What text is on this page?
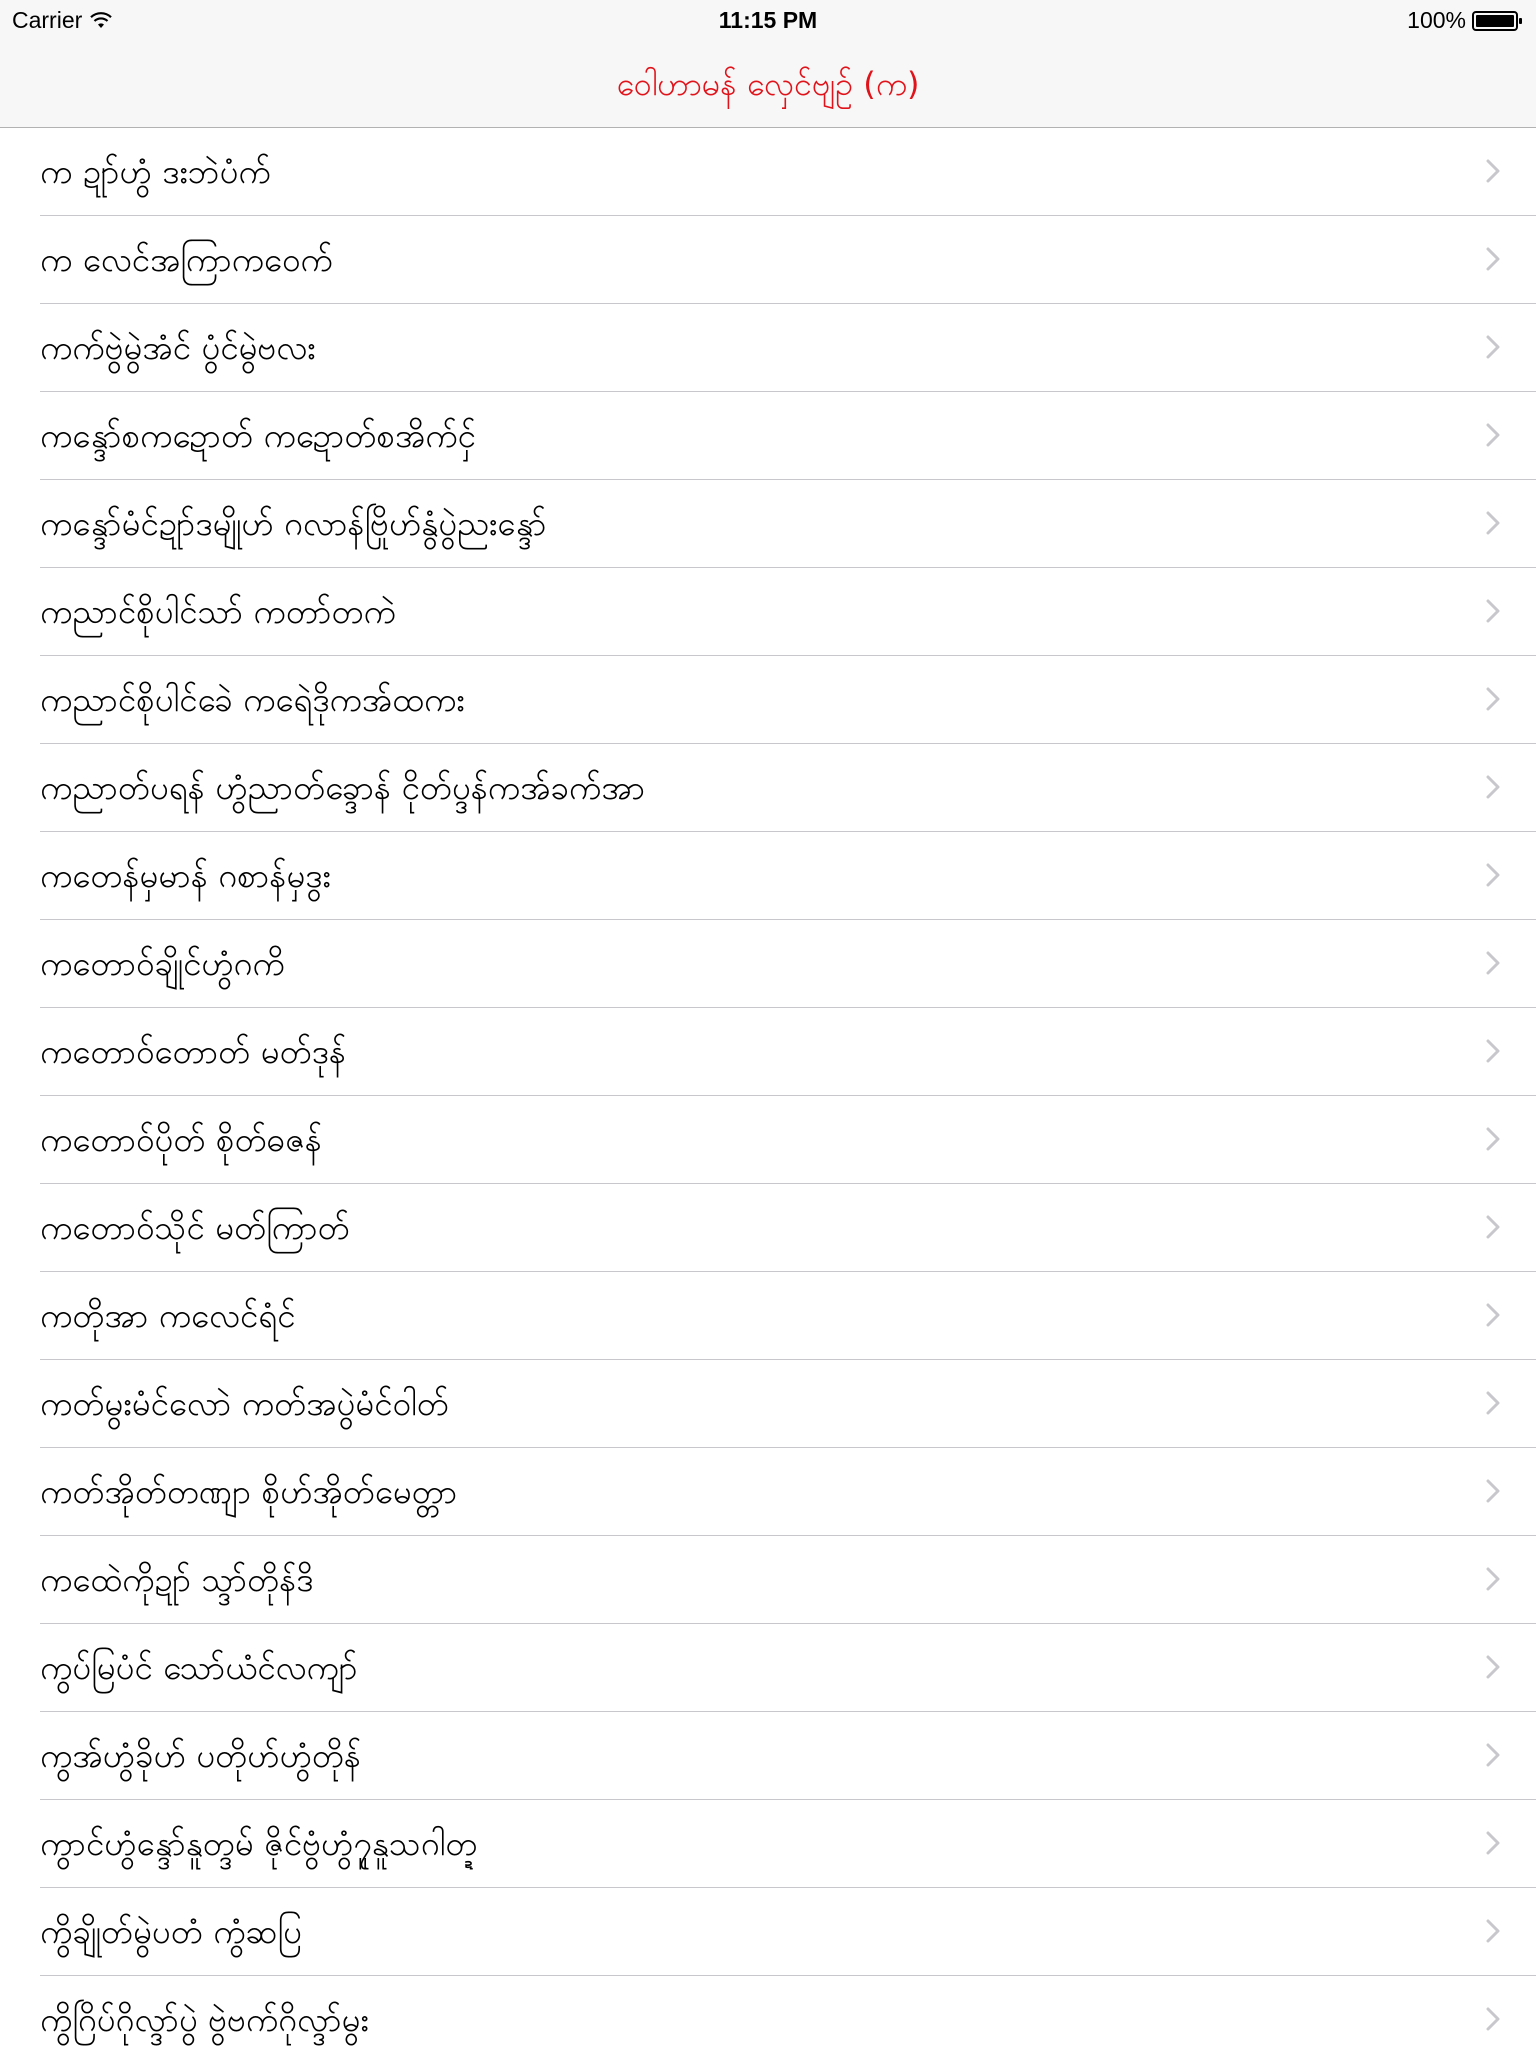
Carrier	11:15 PM	100%
ဝေါဟာမန် လှေင်ဗျဉ် (က)
က ဍုာ်ဟွံ ဒးဘဲပံက်
က လေင်အကြာကဝေက်
ကက်ဗွဲမွဲအံင် ပွံင်မွဲဗလး
ကန္ဒော်စကဍောတ် ကဍောတ်စအိက်ငှ်
ကန္ဒော်မံင်ဍုာ်ဒမျိုဟ် ဂလာန်ဗြိုဟ်နွံပွဲညးန္ဒော်
ကညာင်စိုပါင်သာ် ကတာ်တကဲ
ကညာင်စိုပါင်ခေဲ ကရေဲဒိုကအ်ထကး
ကညာတ်ပရန် ဟွံညာတ်ခ္ဒောန် ငိုတ်ပ္ဒန်ကအ်ခက်အာ
ကတေန်မှမာန် ဂစာန်မှဒွး
ကတောဝ်ချိုင်ဟွံဂကိ
ကတောဝ်တောတ် မတ်ဒုန်
ကတောဝ်ပိုတ် စိုတ်ဓဇန်
ကတောဝ်သိုင် မတ်ကြာတ်
ကတိုအာ ကလေင်ရံင်
ကတ်မွးမံင်လောဲ ကတ်အပွဲမံင်ဝါတ်
ကတ်အိုတ်တဏျာ စိုဟ်အိုတ်မေတ္တာ
ကထေဲကိုဍုာ် သ္ဒာ်တိုန်ဒိ
ကွပ်မြပံင် သော်ယံင်လကျာ်
ကွအ်ဟွံခိုဟ် ပတိုဟ်ဟွံတိုန်
ကွာင်ဟွံန္ဒော်နူတ္ဒမ် ဇိုင်ဗွံဟွံ၇ူနူသဂါတ္ဍ
ကွိချိုတ်မွဲပတံ ကွံဆပြ
ကွိဂြိပ်ဂိုလ္ဒာ်ပွဲ ဗွဲဗက်ဂိုလ္ဒာ်မွး
